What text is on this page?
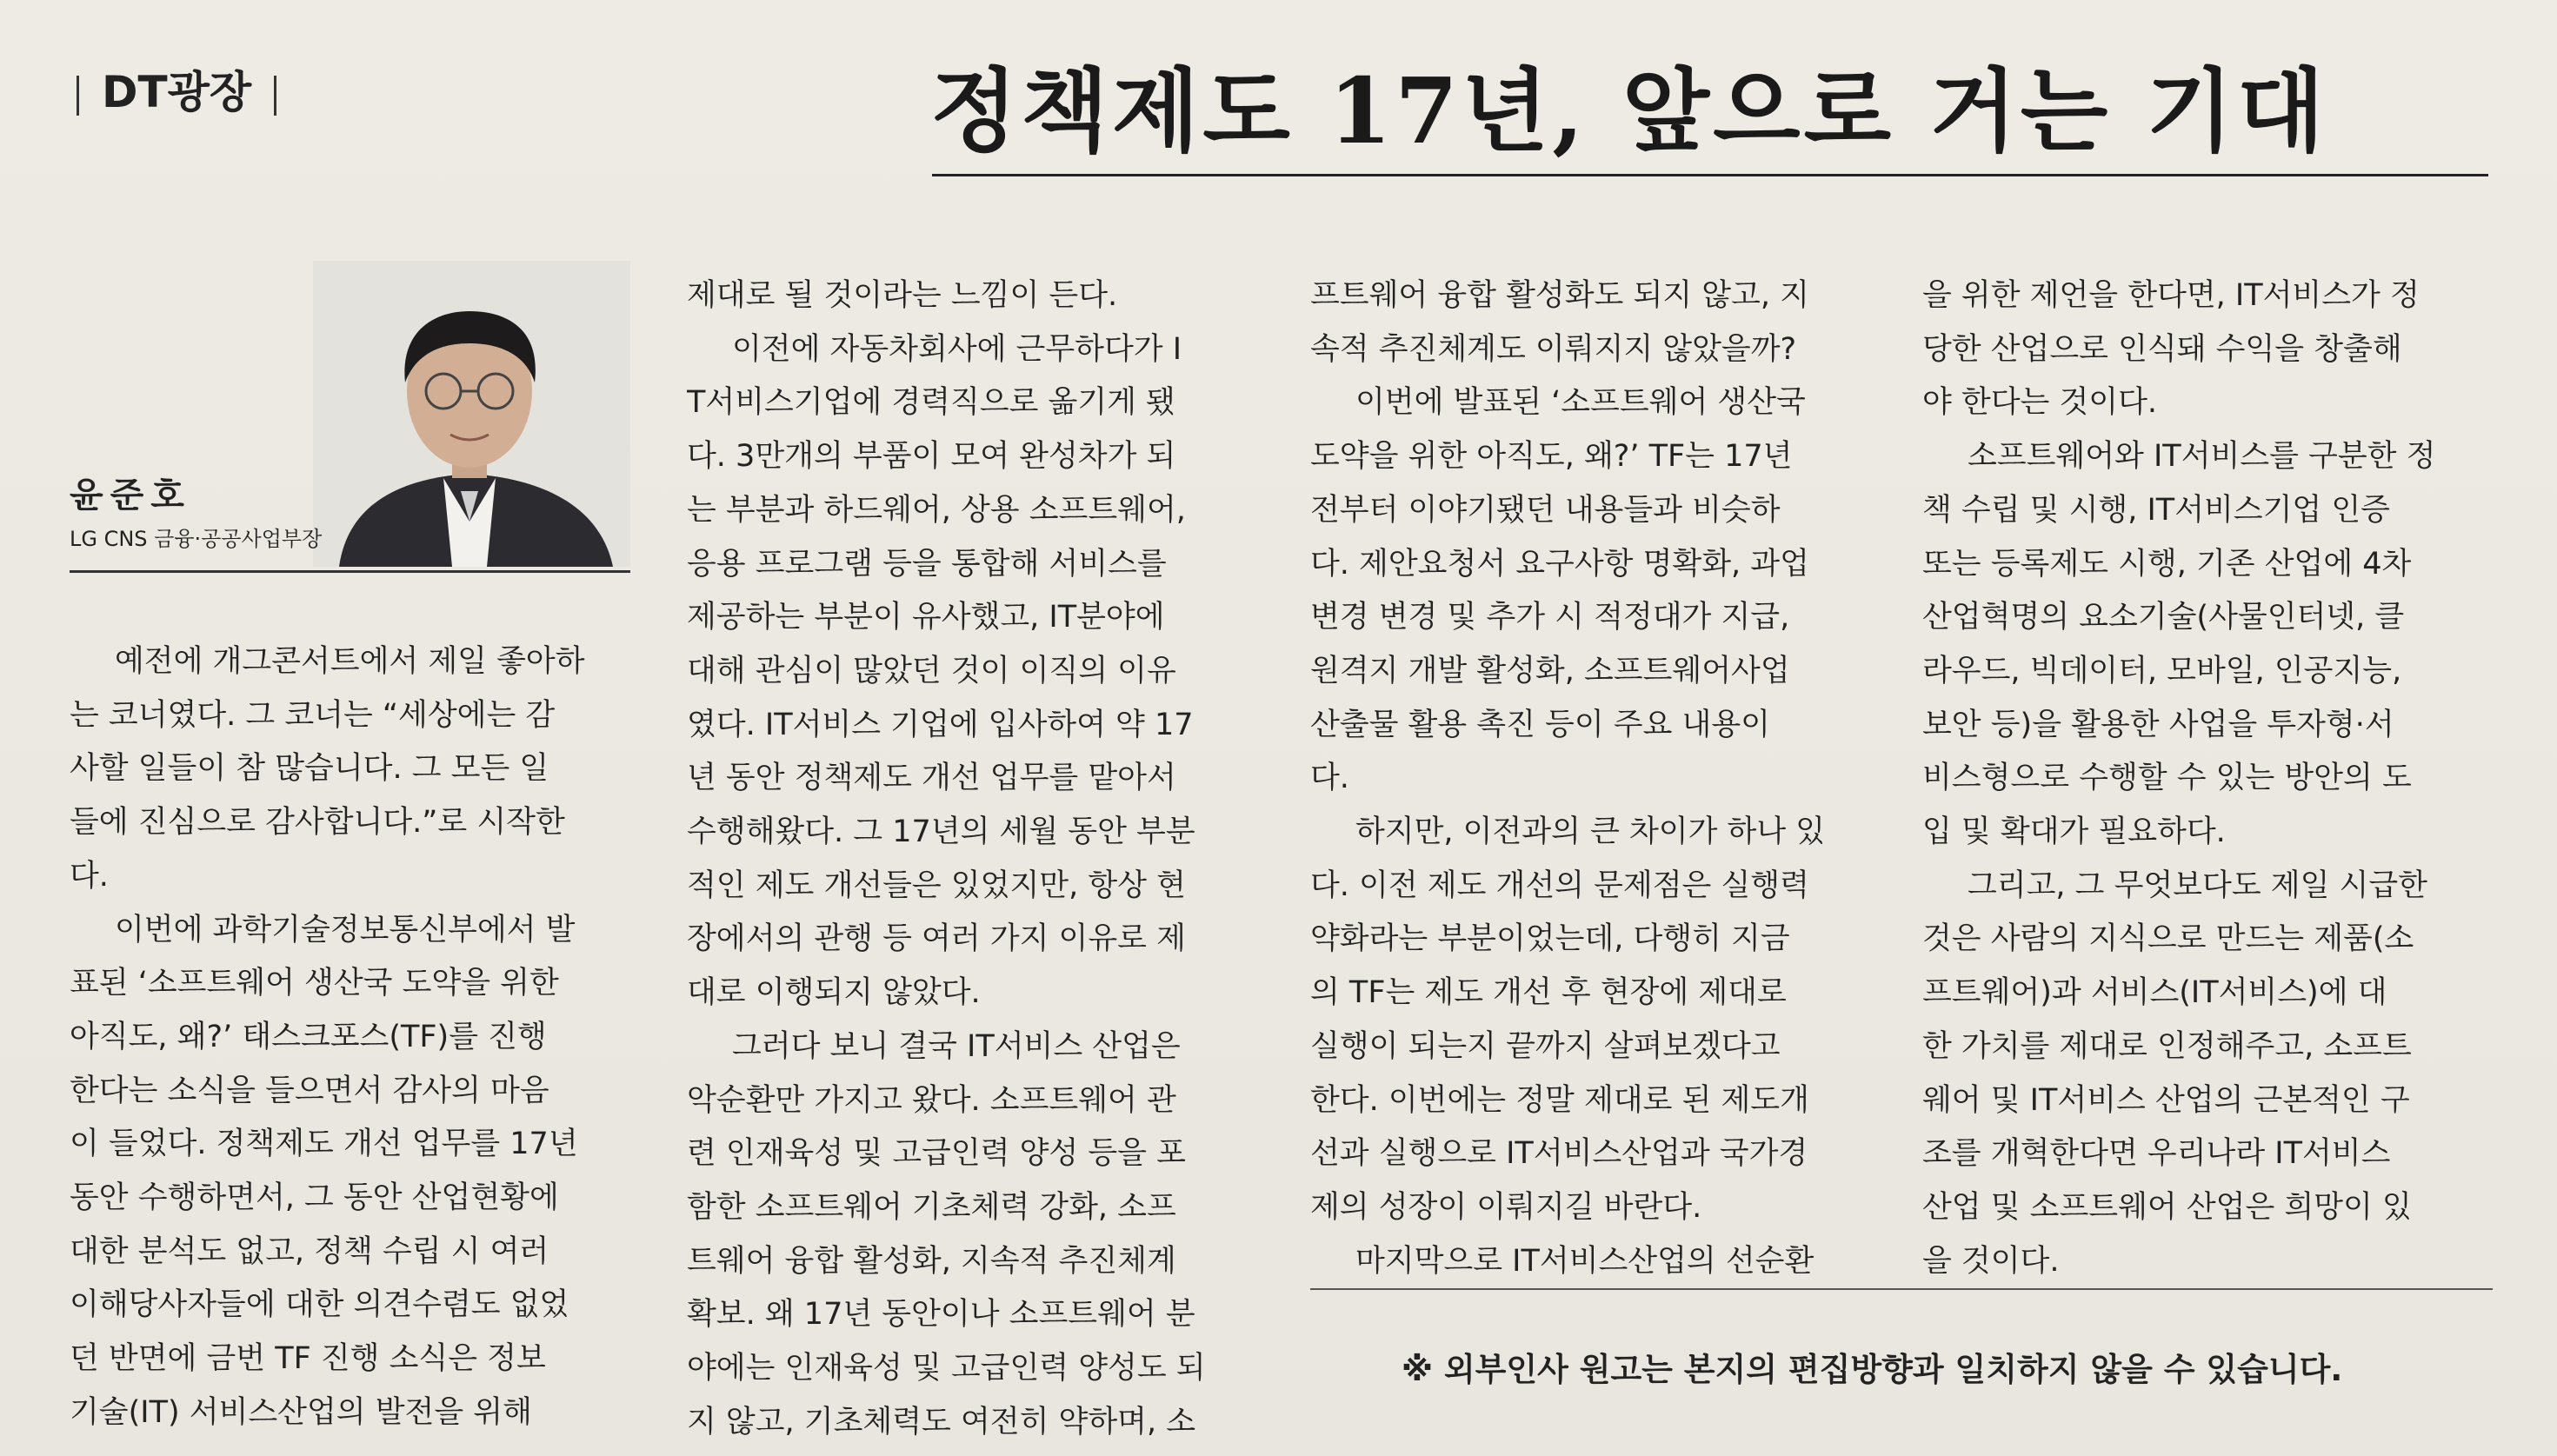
DT광장	정책제도 17년, 앞으로 거는 기대
윤준호
LG CNS 금융·공공사업부장

예전에 개그콘서트에서 제일 좋아하

는 코너였다. 그 코너는 “세상에는 감

사할 일들이 참 많습니다. 그 모든 일

들에 진심으로 감사합니다.”로 시작한

다.

이번에 과학기술정보통신부에서 발

표된 ‘소프트웨어 생산국 도약을 위한

아직도, 왜?’ 태스크포스(TF)를 진행

한다는 소식을 들으면서 감사의 마음

이 들었다. 정책제도 개선 업무를 17년

동안 수행하면서, 그 동안 산업현황에

대한 분석도 없고, 정책 수립 시 여러

이해당사자들에 대한 의견수렴도 없었

던 반면에 금번 TF 진행 소식은 정보

기술(IT) 서비스산업의 발전을 위해

제대로 될 것이라는 느낌이 든다.

이전에 자동차회사에 근무하다가 I

T서비스기업에 경력직으로 옮기게 됐

다. 3만개의 부품이 모여 완성차가 되

는 부분과 하드웨어, 상용 소프트웨어,

응용 프로그램 등을 통합해 서비스를

제공하는 부분이 유사했고, IT분야에

대해 관심이 많았던 것이 이직의 이유

였다. IT서비스 기업에 입사하여 약 17

년 동안 정책제도 개선 업무를 맡아서

수행해왔다. 그 17년의 세월 동안 부분

적인 제도 개선들은 있었지만, 항상 현

장에서의 관행 등 여러 가지 이유로 제

대로 이행되지 않았다.

그러다 보니 결국 IT서비스 산업은

악순환만 가지고 왔다. 소프트웨어 관

련 인재육성 및 고급인력 양성 등을 포

함한 소프트웨어 기초체력 강화, 소프

트웨어 융합 활성화, 지속적 추진체계

확보. 왜 17년 동안이나 소프트웨어 분

야에는 인재육성 및 고급인력 양성도 되

지 않고, 기초체력도 여전히 약하며, 소

프트웨어 융합 활성화도 되지 않고, 지

속적 추진체계도 이뤄지지 않았을까?

이번에 발표된 ‘소프트웨어 생산국

도약을 위한 아직도, 왜?’ TF는 17년

전부터 이야기됐던 내용들과 비슷하

다. 제안요청서 요구사항 명확화, 과업

변경 변경 및 추가 시 적정대가 지급,

원격지 개발 활성화, 소프트웨어사업

산출물 활용 촉진 등이 주요 내용이

다.

하지만, 이전과의 큰 차이가 하나 있

다. 이전 제도 개선의 문제점은 실행력

약화라는 부분이었는데, 다행히 지금

의 TF는 제도 개선 후 현장에 제대로

실행이 되는지 끝까지 살펴보겠다고

한다. 이번에는 정말 제대로 된 제도개

선과 실행으로 IT서비스산업과 국가경

제의 성장이 이뤄지길 바란다.

마지막으로 IT서비스산업의 선순환

을 위한 제언을 한다면, IT서비스가 정

당한 산업으로 인식돼 수익을 창출해

야 한다는 것이다.

소프트웨어와 IT서비스를 구분한 정

책 수립 및 시행, IT서비스기업 인증

또는 등록제도 시행, 기존 산업에 4차

산업혁명의 요소기술(사물인터넷, 클

라우드, 빅데이터, 모바일, 인공지능,

보안 등)을 활용한 사업을 투자형·서

비스형으로 수행할 수 있는 방안의 도

입 및 확대가 필요하다.

그리고, 그 무엇보다도 제일 시급한

것은 사람의 지식으로 만드는 제품(소

프트웨어)과 서비스(IT서비스)에 대

한 가치를 제대로 인정해주고, 소프트

웨어 및 IT서비스 산업의 근본적인 구

조를 개혁한다면 우리나라 IT서비스

산업 및 소프트웨어 산업은 희망이 있

을 것이다.

※ 외부인사 원고는 본지의 편집방향과 일치하지 않을 수 있습니다.
